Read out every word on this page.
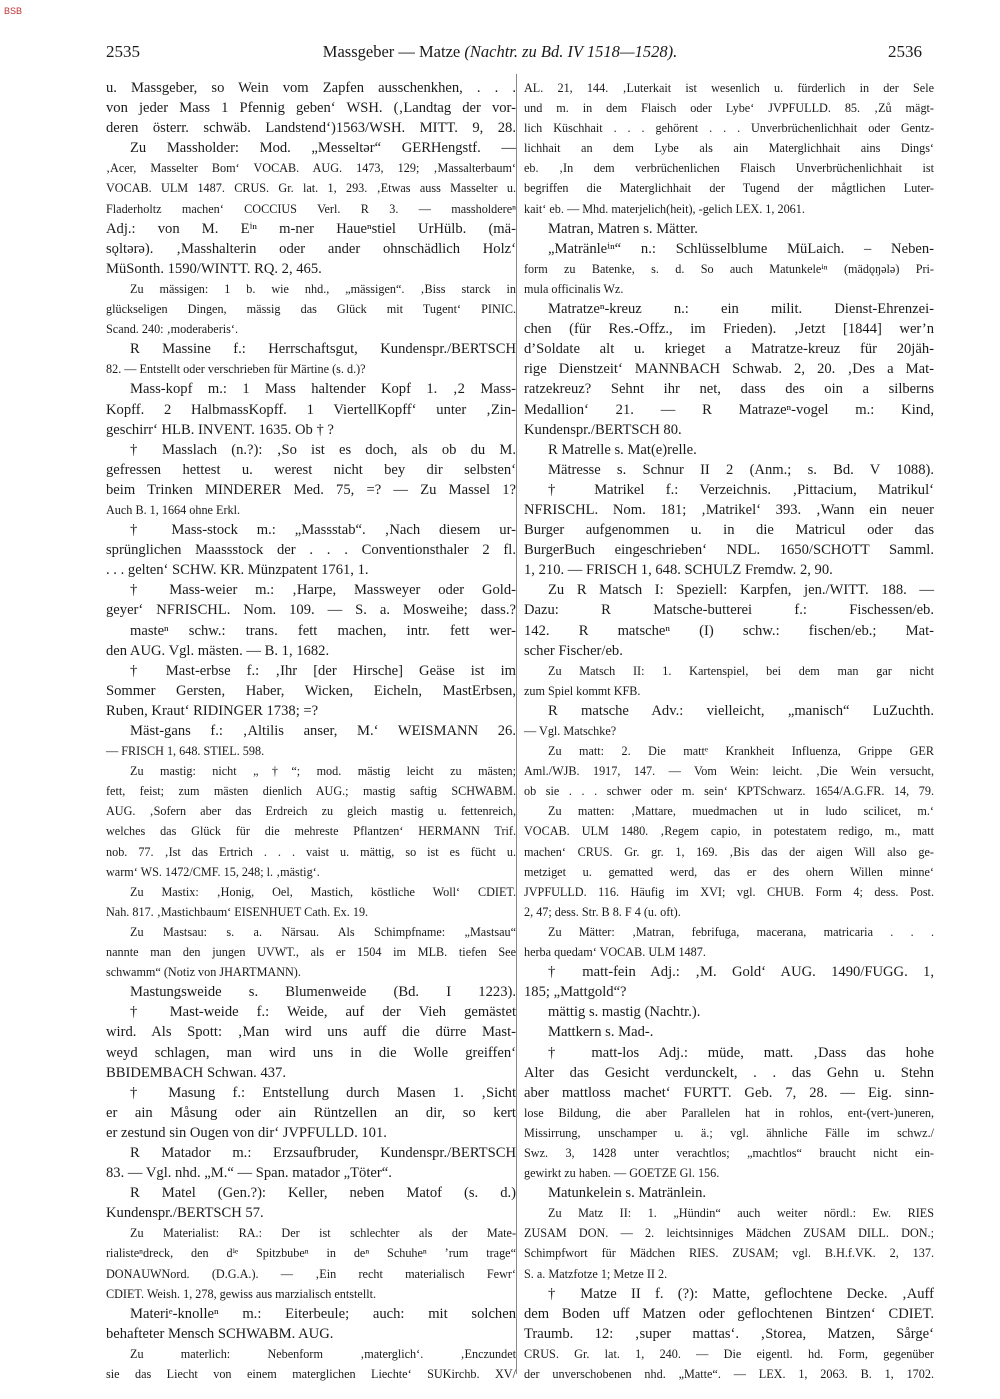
BSB
2535	Massgeber — Matze (Nachtr. zu Bd. IV 1518—1528).	2536
u. Massgeber, so Wein vom Zapfen ausschenkhen, . . .
von jeder Mass 1 Pfennig geben‘ WSH. (‚Landtag der vor-
deren österr. schwäb. Landstend‘)1563/WSH. MITT. 9, 28.
Zu Massholder: Mod. „Messeltər“ GERHengstf. —
‚Acer, Masselter Bom‘ VOCAB. AUG. 1473, 129; ‚Massalterbaum‘
VOCAB. ULM 1487. CRUS. Gr. lat. 1, 293. ‚Etwas auss Masselter u.
Fladerholtz machen‘ COCCIUS Verl. R 3. — massholdereⁿ
Adj.: von M. Eⁱⁿ m-ner Haueⁿstiel UrHülb. (mä-
sǫltǝrǝ). ‚Masshalterin oder ander ohnschädlich Holz‘
MüSonth. 1590/WINTT. RQ. 2, 465.
Zu mässigen: 1 b. wie nhd., „mässigen“. ‚Biss starck in
glückseligen Dingen, mässig das Glück mit Tugent‘ PINIC.
Scand. 240: ‚moderaberis‘.
R Massine f.: Herrschaftsgut, Kundenspr./BERTSCH
82. — Entstellt oder verschrieben für Märtine (s. d.)?
Mass-kopf m.: 1 Mass haltender Kopf 1. ‚2 Mass-
Kopff. 2 HalbmassKopff. 1 ViertellKopff‘ unter ‚Zin-
geschirr‘ HLB. INVENT. 1635. Ob † ?
† Masslach (n.?): ‚So ist es doch, als ob du M.
gefressen hettest u. werest nicht bey dir selbsten‘
beim Trinken MINDERER Med. 75, =? — Zu Massel 1?
Auch B. 1, 1664 ohne Erkl.
† Mass-stock m.: „Massstab“. ‚Nach diesem ur-
sprünglichen Maassstock der . . . Conventionsthaler 2 fl.
. . . gelten‘ SCHW. KR. Münzpatent 1761, 1.
† Mass-weier m.: ‚Harpe, Massweyer oder Gold-
geyer‘ NFRISCHL. Nom. 109. — S. a. Mosweihe; dass.?
masteⁿ schw.: trans. fett machen, intr. fett wer-
den AUG. Vgl. mästen. — B. 1, 1682.
† Mast-erbse f.: ‚Ihr [der Hirsche] Geäse ist im
Sommer Gersten, Haber, Wicken, Eicheln, MastErbsen,
Ruben, Kraut‘ RIDINGER 1738; =?
Mäst-gans f.: ‚Altilis anser, M.‘ WEISMANN 26.
— FRISCH 1, 648. STIEL. 598.
Zu mastig: nicht „†“; mod. mästig leicht zu mästen;
fett, feist; zum mästen dienlich AUG.; mastig saftig SCHWABM.
AUG. ‚Sofern aber das Erdreich zu gleich mastig u. fettenreich,
welches das Glück für die mehreste Pflantzen‘ HERMANN Trif.
nob. 77. ‚Ist das Ertrich . . . vaist u. mättig, so ist es fücht u.
warm‘ WS. 1472/CMF. 15, 248; l. ‚mästig‘.
Zu Mastix: ‚Honig, Oel, Mastich, köstliche Woll‘ CDIET.
Nah. 817. ‚Mastichbaum‘ EISENHUET Cath. Ex. 19.
Zu Mastsau: s. a. Närsau. Als Schimpfname: „Mastsau“
nannte man den jungen UVWT., als er 1504 im MLB. tiefen See
schwamm“ (Notiz von JHARTMANN).
Mastungsweide s. Blumenweide (Bd. I 1223).
† Mast-weide f.: Weide, auf der Vieh gemästet
wird. Als Spott: ‚Man wird uns auff die dürre Mast-
weyd schlagen, man wird uns in die Wolle greiffen‘
BBIDEMBACH Schwan. 437.
† Masung f.: Entstellung durch Masen 1. ‚Sicht
er ain Måsung oder ain Rüntzellen an dir, so kert
er zestund sin Ougen von dir‘ JVPFULLD. 101.
R Matador m.: Erzsaufbruder, Kundenspr./BERTSCH
83. — Vgl. nhd. „M.“ — Span. matador „Töter“.
R Matel (Gen.?): Keller, neben Matof (s. d.)
Kundenspr./BERTSCH 57.
Zu Materialist: RA.: Der ist schlechter als der Mate-
rialisteⁿdreck, den dⁱᵉ Spitzbubeⁿ in deⁿ Schuheⁿ ’rum trage“
DONAUWNord. (D.G.A.). — ‚Ein recht materialisch Fewr‘
CDIET. Weish. 1, 278, gewiss aus marzialisch entstellt.
Materiᵉ-knolleⁿ m.: Eiterbeule; auch: mit solchen
behafteter Mensch SCHWABM. AUG.
Zu materlich: Nebenform ‚materglich‘. ‚Enczundet
sie das Liecht von einem materglichen Liechte‘ SUKirchb. XV/
AL. 21, 144. ‚Luterkait ist wesenlich u. fürderlich in der Sele
und m. in dem Flaisch oder Lybe‘ JVPFULLD. 85. ‚Zů mägt-
lich Küschhait . . . gehörent . . . Unverbrüchenlichhait oder Gentz-
lichhait an dem Lybe als ain Materglichhait ains Dings‘
eb. ‚In dem verbrüchenlichen Flaisch Unverbrüchenlichhait ist
begriffen die Materglichhait der Tugend der mågtlichen Luter-
kait‘ eb. — Mhd. materjelich(heit), -gelich LEX. 1, 2061.
Matran, Matren s. Mätter.
„Matränleⁱⁿ“ n.: Schlüsselblume MüLaich. – Neben-
form zu Batenke, s. d. So auch Matunkeleⁱⁿ (mädǫŋǝlǝ) Pri-
mula officinalis Wz.
Matratzeⁿ-kreuz n.: ein milit. Dienst-Ehrenzei-
chen (für Res.-Offz., im Frieden). ‚Jetzt [1844] wer’n
d’Soldate alt u. krieget a Matratze-kreuz für 20jäh-
rige Dienstzeit‘ MANNBACH Schwab. 2, 20. ‚Des a Mat-
ratzekreuz? Sehnt ihr net, dass des oin a silberns
Medallion‘ 21. — R Matrazeⁿ-vogel m.: Kind,
Kundenspr./BERTSCH 80.
R Matrelle s. Mat(e)relle.
Mätresse s. Schnur II 2 (Anm.; s. Bd. V 1088).
† Matrikel f.: Verzeichnis. ‚Pittacium, Matrikul‘
NFRISCHL. Nom. 181; ‚Matrikel‘ 393. ‚Wann ein neuer
Burger aufgenommen u. in die Matricul oder das
BurgerBuch eingeschrieben‘ NDL. 1650/SCHOTT Samml.
1, 210. — FRISCH 1, 648. SCHULZ Fremdw. 2, 90.
Zu R Matsch I: Speziell: Karpfen, jen./WITT. 188. —
Dazu: R Matsche-butterei f.: Fischessen/eb.
142. R matscheⁿ (I) schw.: fischen/eb.; Mat-
scher Fischer/eb.
Zu Matsch II: 1. Kartenspiel, bei dem man gar nicht
zum Spiel kommt KFB.
R matsche Adv.: vielleicht, „manisch“ LuZuchth.
— Vgl. Matschke?
Zu matt: 2. Die mattᵉ Krankheit Influenza, Grippe GER
Aml./WJB. 1917, 147. — Vom Wein: leicht. ‚Die Wein versucht,
ob sie . . . schwer oder m. sein‘ KPTSchwarz. 1654/A.G.FR. 14, 79.
Zu matten: ‚Mattare, muedmachen ut in ludo scilicet, m.‘
VOCAB. ULM 1480. ‚Regem capio, in potestatem redigo, m., matt
machen‘ CRUS. Gr. gr. 1, 169. ‚Bis das der aigen Will also ge-
metziget u. gematted werd, das er des ohern Willen minne‘
JVPFULLD. 116. Häufig im XVI; vgl. CHUB. Form 4; dess. Post.
2, 47; dess. Str. B 8. F 4 (u. oft).
Zu Mätter: ‚Matran, febrifuga, macerana, matricaria . . .
herba quedam‘ VOCAB. ULM 1487.
† matt-fein Adj.: ‚M. Gold‘ AUG. 1490/FUGG. 1,
185; „Mattgold“?
mättig s. mastig (Nachtr.).
Mattkern s. Mad-.
† matt-los Adj.: müde, matt. ‚Dass das hohe
Alter das Gesicht verdunckelt, . . das Gehn u. Stehn
aber mattloss machet‘ FURTT. Geb. 7, 28. — Eig. sinn-
lose Bildung, die aber Parallelen hat in rohlos, ent-(vert-)uneren,
Missirrung, unschamper u. ä.; vgl. ähnliche Fälle im schwz./
Swz. 3, 1428 unter verachtlos; „machtlos“ braucht nicht ein-
gewirkt zu haben. — GOETZE Gl. 156.
Matunkelein s. Matränlein.
Zu Matz II: 1. „Hündin“ auch weiter nördl.: Ew. RIES
ZUSAM DON. — 2. leichtsinniges Mädchen ZUSAM DILL. DON.;
Schimpfwort für Mädchen RIES. ZUSAM; vgl. B.H.f.VK. 2, 137.
S. a. Matzfotze 1; Metze II 2.
† Matze II f. (?): Matte, geflochtene Decke. ‚Auff
dem Boden uff Matzen oder geflochtenen Bintzen‘ CDIET.
Traumb. 12: ‚super mattas‘. ‚Storea, Matzen, Sårge‘
CRUS. Gr. lat. 1, 240. — Die eigentl. hd. Form, gegenüber
der unverschobenen nhd. „Matte“. — LEX. 1, 2063. B. 1, 1702.
